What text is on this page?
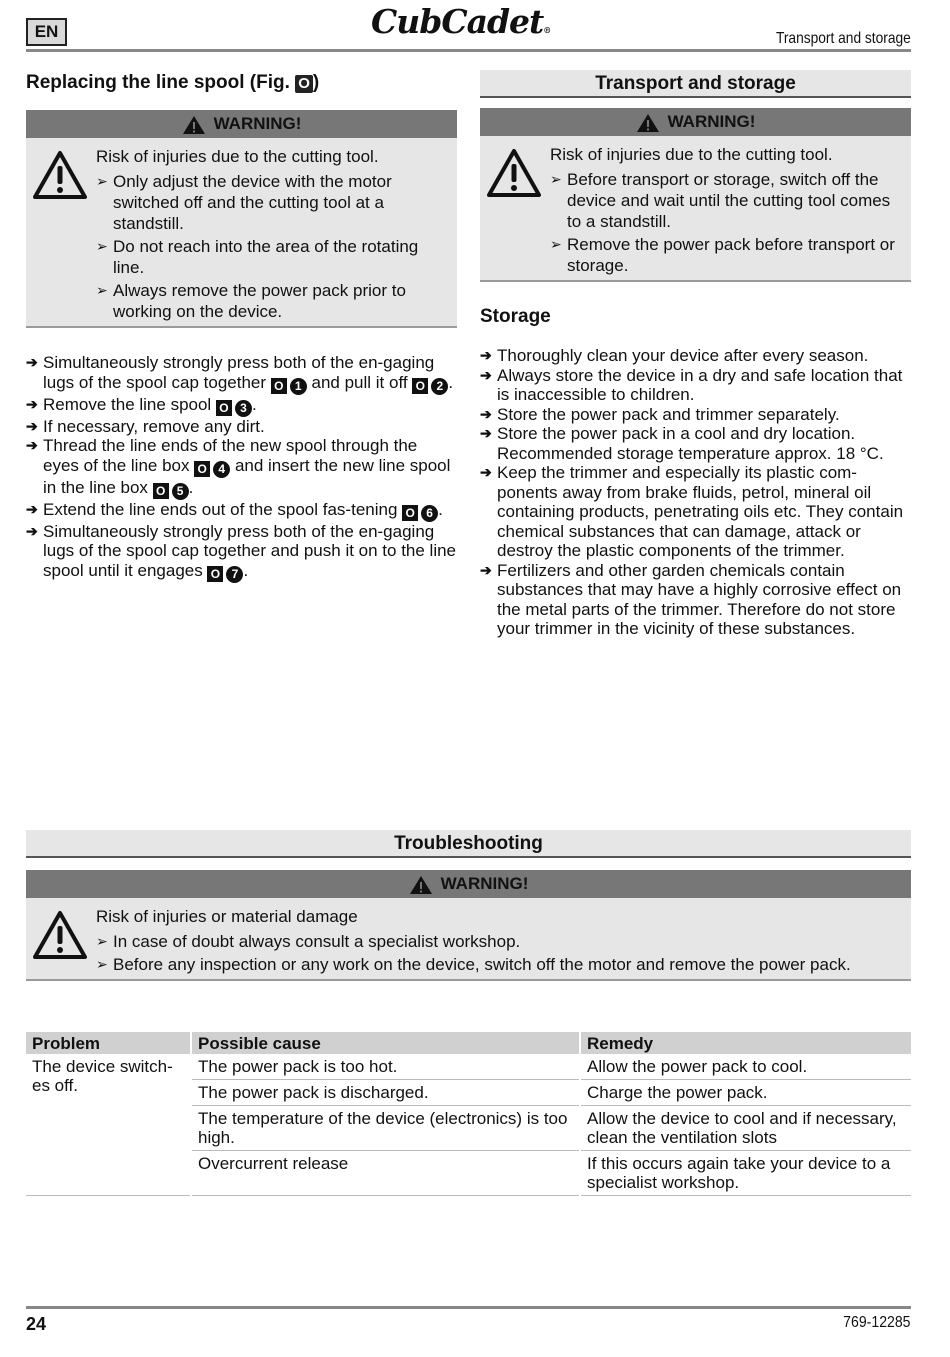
EN	CubCadet®	Transport and storage
Replacing the line spool (Fig. O )
WARNING!

Risk of injuries due to the cutting tool.

➢ Only adjust the device with the motor switched off and the cutting tool at a standstill.
➢ Do not reach into the area of the rotating line.
➢ Always remove the power pack prior to working on the device.
➔ Simultaneously strongly press both of the en-gaging lugs of the spool cap together O 1 and pull it off O 2 .
➔ Remove the line spool O 3 .
➔ If necessary, remove any dirt.
➔ Thread the line ends of the new spool through the eyes of the line box O 4 and insert the new line spool in the line box O 5 .
➔ Extend the line ends out of the spool fas-tening O 6 .
➔ Simultaneously strongly press both of the en-gaging lugs of the spool cap together and push it on to the line spool until it engages O 7 .
Transport and storage
WARNING!

Risk of injuries due to the cutting tool.

➢ Before transport or storage, switch off the device and wait until the cutting tool comes to a standstill.
➢ Remove the power pack before transport or storage.
Storage
➔ Thoroughly clean your device after every season.
➔ Always store the device in a dry and safe location that is inaccessible to children.
➔ Store the power pack and trimmer separately.
➔ Store the power pack in a cool and dry location. Recommended storage temperature approx. 18 °C.
➔ Keep the trimmer and especially its plastic com-ponents away from brake fluids, petrol, mineral oil containing products, penetrating oils etc. They contain chemical substances that can damage, attack or destroy the plastic components of the trimmer.
➔ Fertilizers and other garden chemicals contain substances that may have a highly corrosive effect on the metal parts of the trimmer. Therefore do not store your trimmer in the vicinity of these substances.
Troubleshooting
WARNING!

Risk of injuries or material damage

➢ In case of doubt always consult a specialist workshop.
➢ Before any inspection or any work on the device, switch off the motor and remove the power pack.
Problem	Possible cause	Remedy
The device switch-es off.	The power pack is too hot.	Allow the power pack to cool.
	The power pack is discharged.	Charge the power pack.
	The temperature of the device (electronics) is too high.	Allow the device to cool and if necessary, clean the ventilation slots
	Overcurrent release	If this occurs again take your device to a specialist workshop.
24	769-12285
